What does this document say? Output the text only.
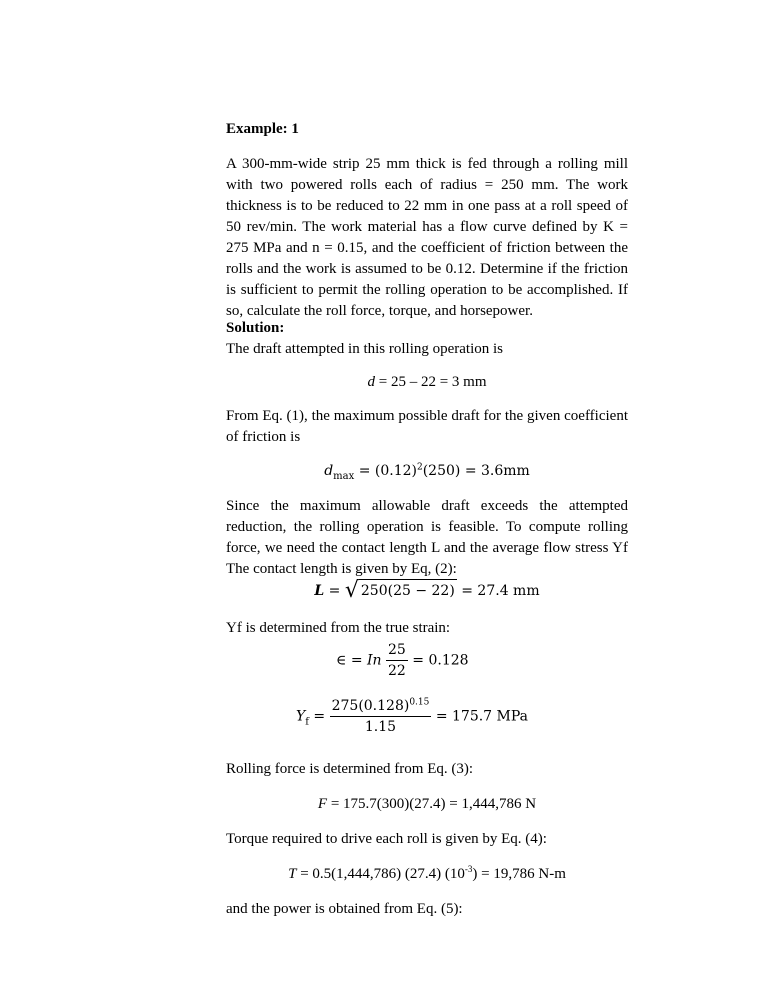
Example: 1

A 300-mm-wide strip 25 mm thick is fed through a rolling mill with two powered rolls each of radius = 250 mm. The work thickness is to be reduced to 22 mm in one pass at a roll speed of 50 rev/min. The work material has a flow curve defined by K = 275 MPa and n = 0.15, and the coefficient of friction between the rolls and the work is assumed to be 0.12. Determine if the friction is sufficient to permit the rolling operation to be accomplished. If so, calculate the roll force, torque, and horsepower.

Solution:

The draft attempted in this rolling operation is

d = 25 – 22 = 3 mm

From Eq. (1), the maximum possible draft for the given coefficient of friction is

$d_{max} = (0.12)^2(250) = 3.6mm$

Since the maximum allowable draft exceeds the attempted reduction, the rolling operation is feasible. To compute rolling force, we need the contact length L and the average flow stress Yf The contact length is given by Eq, (2):

L = √ 250(25 − 22) = 27.4 mm

Yf is determined from the true strain:

∈ = In $\frac{25}{22} = 0.128$

$Y_f = \frac{275(0.128)^{0.15}}{1.15} = 175.7$ MPa

Rolling force is determined from Eq. (3):

F = 175.7(300)(27.4) = 1,444,786 N

Torque required to drive each roll is given by Eq. (4):

T = 0.5(1,444,786) (27.4) $(10^{-3}) = 19,786$ N-m

and the power is obtained from Eq. (5):
